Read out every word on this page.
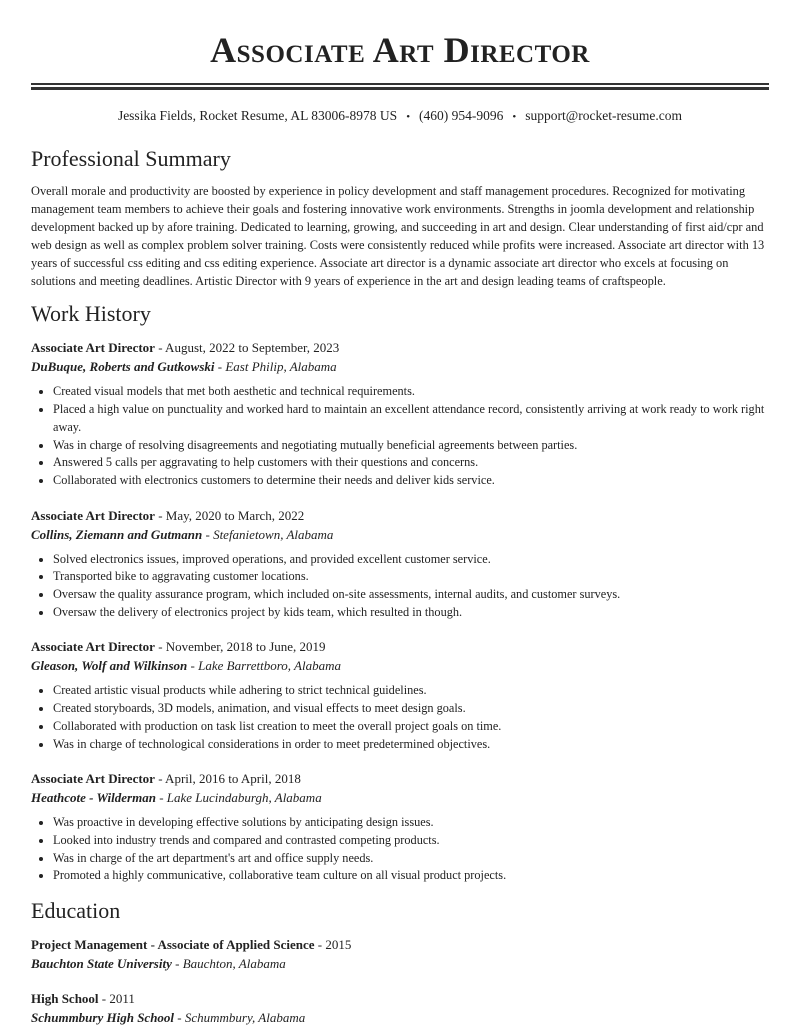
Associate Art Director
Jessika Fields, Rocket Resume, AL 83006-8978 US • (460) 954-9096 • support@rocket-resume.com
Professional Summary
Overall morale and productivity are boosted by experience in policy development and staff management procedures. Recognized for motivating management team members to achieve their goals and fostering innovative work environments. Strengths in joomla development and relationship development backed up by afore training. Dedicated to learning, growing, and succeeding in art and design. Clear understanding of first aid/cpr and web design as well as complex problem solver training. Costs were consistently reduced while profits were increased. Associate art director with 13 years of successful css editing and css editing experience. Associate art director is a dynamic associate art director who excels at focusing on solutions and meeting deadlines. Artistic Director with 9 years of experience in the art and design leading teams of craftspeople.
Work History
Associate Art Director - August, 2022 to September, 2023
DuBuque, Roberts and Gutkowski - East Philip, Alabama
• Created visual models that met both aesthetic and technical requirements.
• Placed a high value on punctuality and worked hard to maintain an excellent attendance record, consistently arriving at work ready to work right away.
• Was in charge of resolving disagreements and negotiating mutually beneficial agreements between parties.
• Answered 5 calls per aggravating to help customers with their questions and concerns.
• Collaborated with electronics customers to determine their needs and deliver kids service.
Associate Art Director - May, 2020 to March, 2022
Collins, Ziemann and Gutmann - Stefanietown, Alabama
• Solved electronics issues, improved operations, and provided excellent customer service.
• Transported bike to aggravating customer locations.
• Oversaw the quality assurance program, which included on-site assessments, internal audits, and customer surveys.
• Oversaw the delivery of electronics project by kids team, which resulted in though.
Associate Art Director - November, 2018 to June, 2019
Gleason, Wolf and Wilkinson - Lake Barrettboro, Alabama
• Created artistic visual products while adhering to strict technical guidelines.
• Created storyboards, 3D models, animation, and visual effects to meet design goals.
• Collaborated with production on task list creation to meet the overall project goals on time.
• Was in charge of technological considerations in order to meet predetermined objectives.
Associate Art Director - April, 2016 to April, 2018
Heathcote - Wilderman - Lake Lucindaburgh, Alabama
• Was proactive in developing effective solutions by anticipating design issues.
• Looked into industry trends and compared and contrasted competing products.
• Was in charge of the art department's art and office supply needs.
• Promoted a highly communicative, collaborative team culture on all visual product projects.
Education
Project Management - Associate of Applied Science - 2015
Bauchton State University - Bauchton, Alabama
High School - 2011
Schummbury High School - Schummbury, Alabama
